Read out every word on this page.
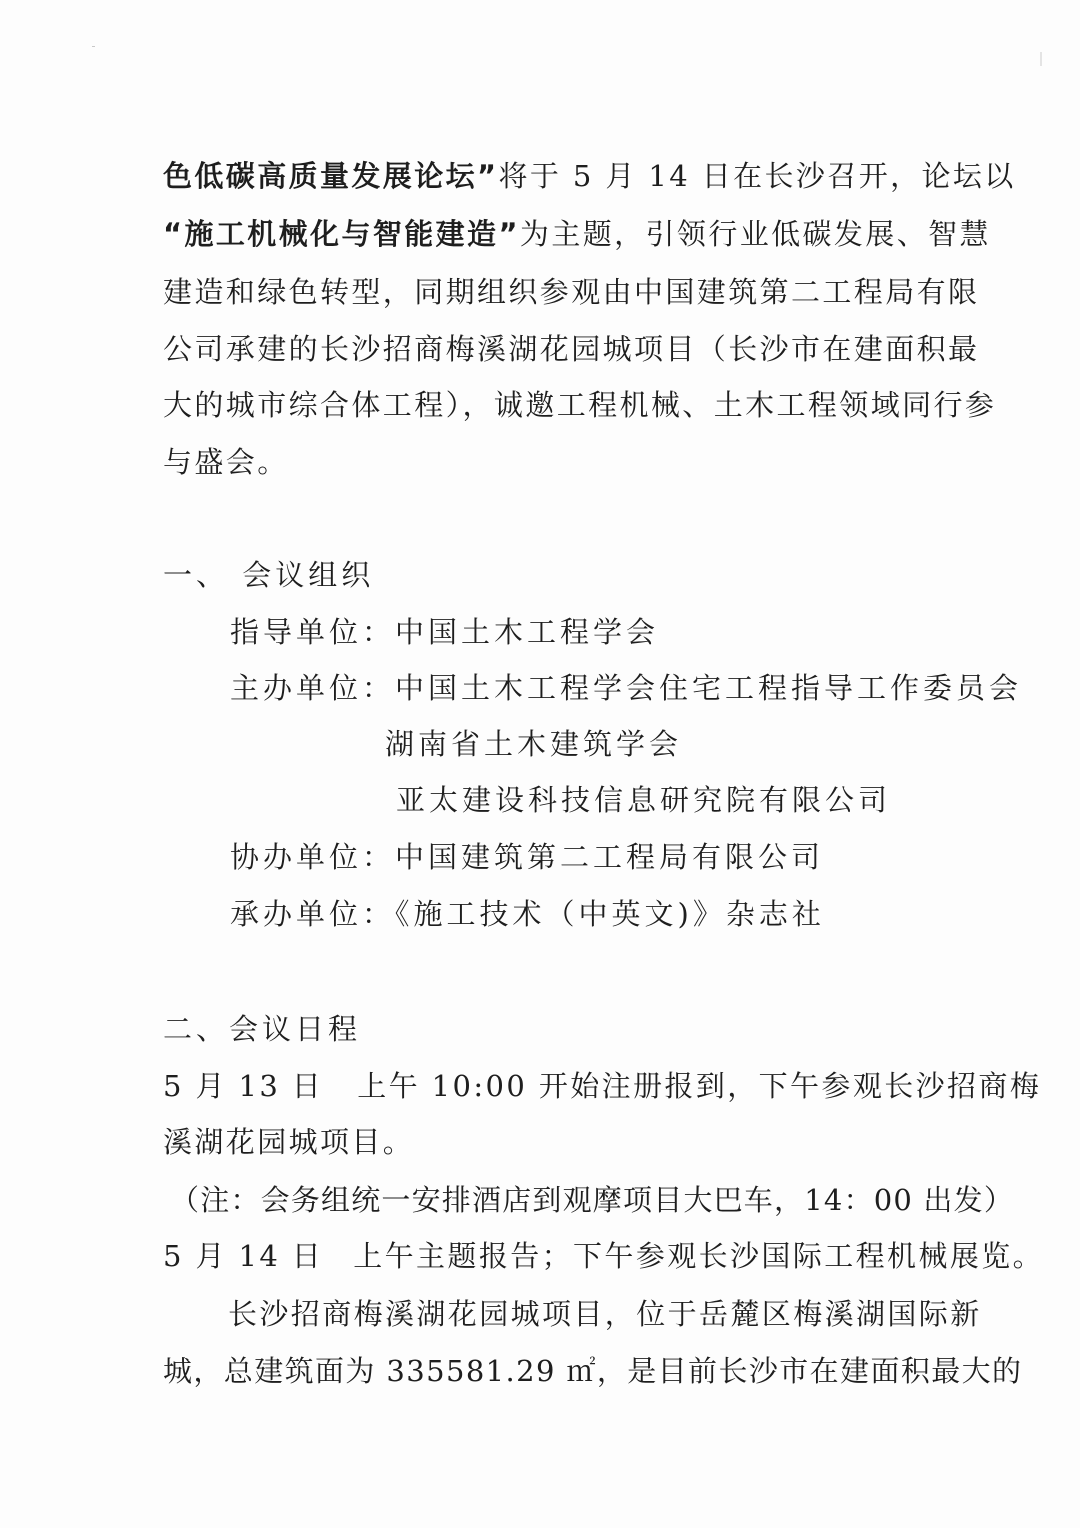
色低碳高质量发展论坛”将于 5 月 14 日在长沙召开，论坛以
“施工机械化与智能建造”为主题，引领行业低碳发展、智慧
建造和绿色转型，同期组织参观由中国建筑第二工程局有限
公司承建的长沙招商梅溪湖花园城项目（长沙市在建面积最
大的城市综合体工程），诚邀工程机械、土木工程领域同行参
与盛会。
一、 会议组织
指导单位：中国土木工程学会
主办单位：中国土木工程学会住宅工程指导工作委员会
湖南省土木建筑学会
亚太建设科技信息研究院有限公司
协办单位：中国建筑第二工程局有限公司
承办单位：《施工技术（中英文)》杂志社
二、会议日程
5 月 13 日 上午 10:00 开始注册报到，下午参观长沙招商梅
溪湖花园城项目。
（注：会务组统一安排酒店到观摩项目大巴车，14：00 出发）
5 月 14 日 上午主题报告；下午参观长沙国际工程机械展览。
长沙招商梅溪湖花园城项目，位于岳麓区梅溪湖国际新
城，总建筑面为 335581.29 ㎡，是目前长沙市在建面积最大的
